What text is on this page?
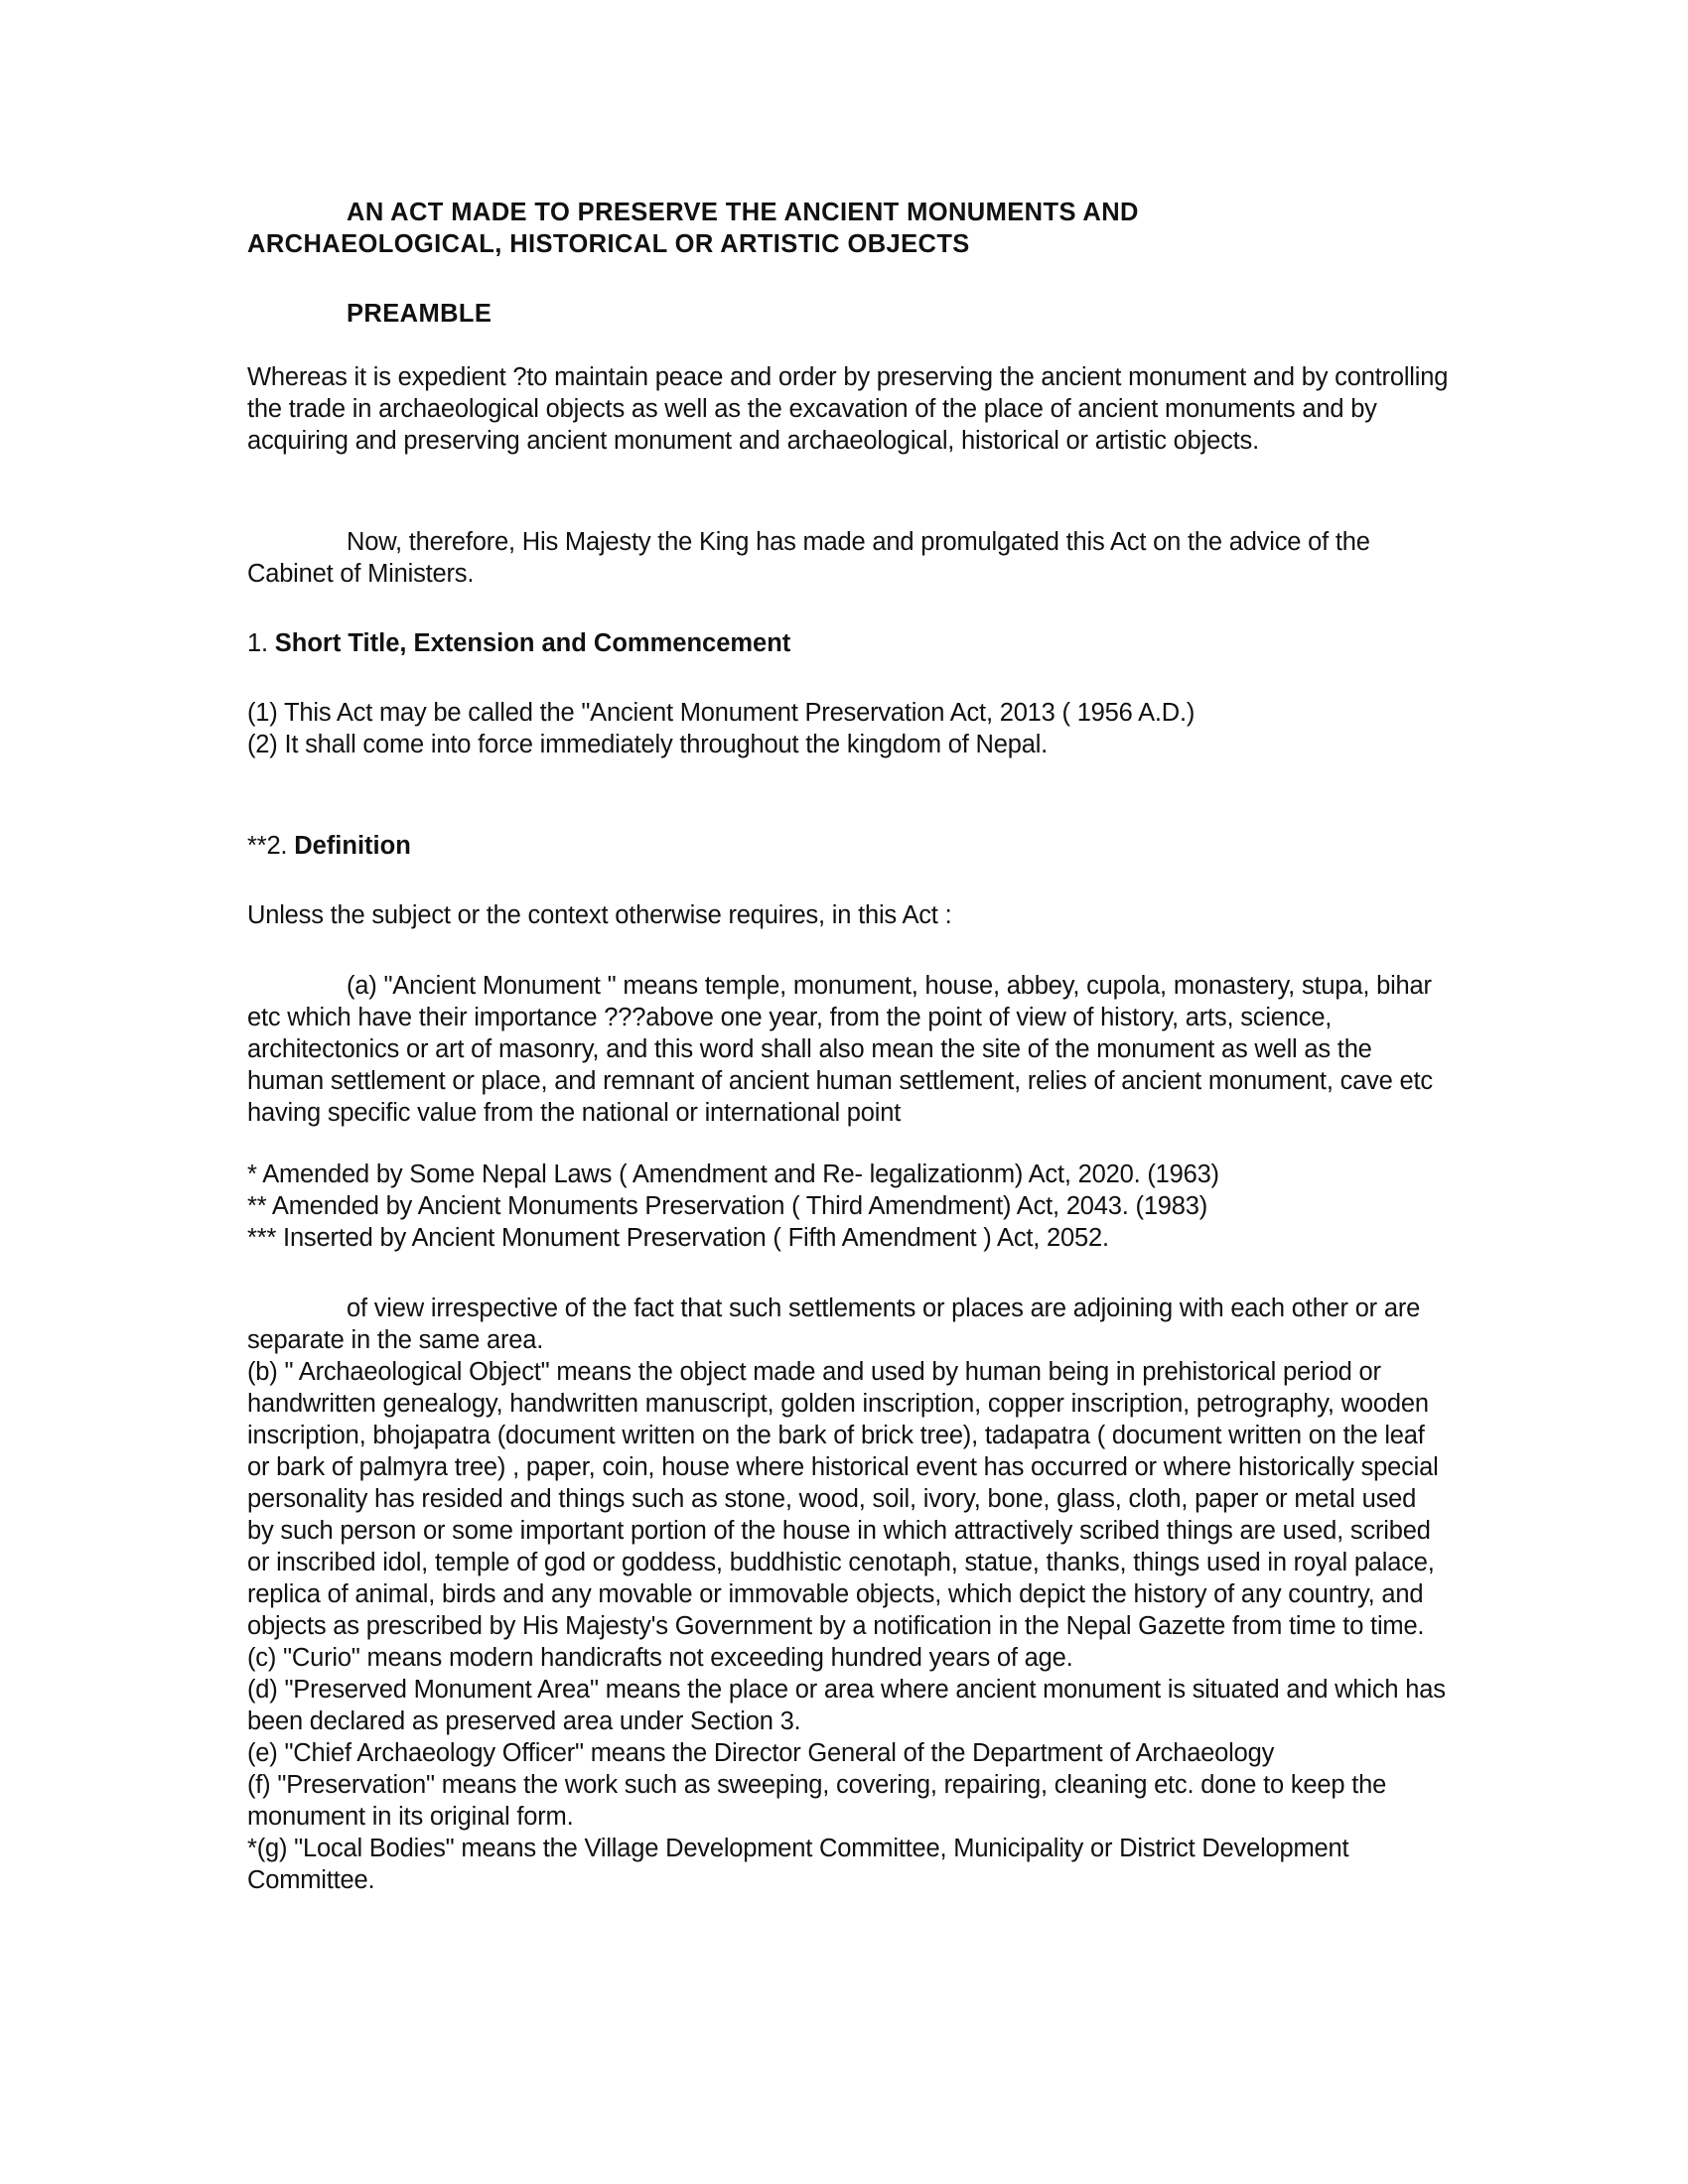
AN ACT MADE TO PRESERVE THE ANCIENT MONUMENTS AND

ARCHAEOLOGICAL, HISTORICAL OR ARTISTIC OBJECTS

PREAMBLE
Whereas it is expedient ?to maintain peace and order by preserving the ancient monument and by controlling the trade in archaeological objects as well as the excavation of the place of ancient monuments and by acquiring and preserving ancient monument and archaeological, historical or artistic objects.
Now, therefore, His Majesty the King has made and promulgated this Act on the advice of the Cabinet of Ministers.
1. Short Title, Extension and Commencement

(1) This Act may be called the "Ancient Monument Preservation Act, 2013 ( 1956 A.D.)

(2) It shall come into force immediately throughout the kingdom of Nepal.

**2. Definition
Unless the subject or the context otherwise requires, in this Act :
(a) "Ancient Monument " means temple, monument, house, abbey, cupola, monastery, stupa, bihar etc which have their importance ???above one year, from the point of view of history, arts, science, architectonics or art of masonry, and this word shall also mean the site of the monument as well as the human settlement or place, and remnant of ancient human settlement, relies of ancient monument, cave etc having specific value from the national or international point

* Amended by Some Nepal Laws ( Amendment and Re- legalizationm) Act, 2020. (1963)

** Amended by Ancient Monuments Preservation ( Third Amendment) Act, 2043. (1983)

*** Inserted by Ancient Monument Preservation ( Fifth Amendment ) Act, 2052.

of view irrespective of the fact that such settlements or places are adjoining with each other or are separate in the same area.

(b) " Archaeological Object" means the object made and used by human being in prehistorical period or handwritten genealogy, handwritten manuscript, golden inscription, copper inscription, petrography, wooden inscription, bhojapatra (document written on the bark of brick tree), tadapatra ( document written on the leaf or bark of palmyra tree) , paper, coin, house where historical event has occurred or where historically special personality has resided and things such as stone, wood, soil, ivory, bone, glass, cloth, paper or metal used by such person or some important portion of the house in which attractively scribed things are used, scribed or inscribed idol, temple of god or goddess, buddhistic cenotaph, statue, thanks, things used in royal palace, replica of animal, birds and any movable or immovable objects, which depict the history of any country, and objects as prescribed by His Majesty's Government by a notification in the Nepal Gazette from time to time.

(c) "Curio" means modern handicrafts not exceeding hundred years of age.

(d) "Preserved Monument Area" means the place or area where ancient monument is situated and which has been declared as preserved area under Section 3.

(e) "Chief Archaeology Officer" means the Director General of the Department of Archaeology

(f) "Preservation" means the work such as sweeping, covering, repairing, cleaning etc. done to keep the monument in its original form.

*(g) "Local Bodies" means the Village Development Committee, Municipality or District Development Committee.
